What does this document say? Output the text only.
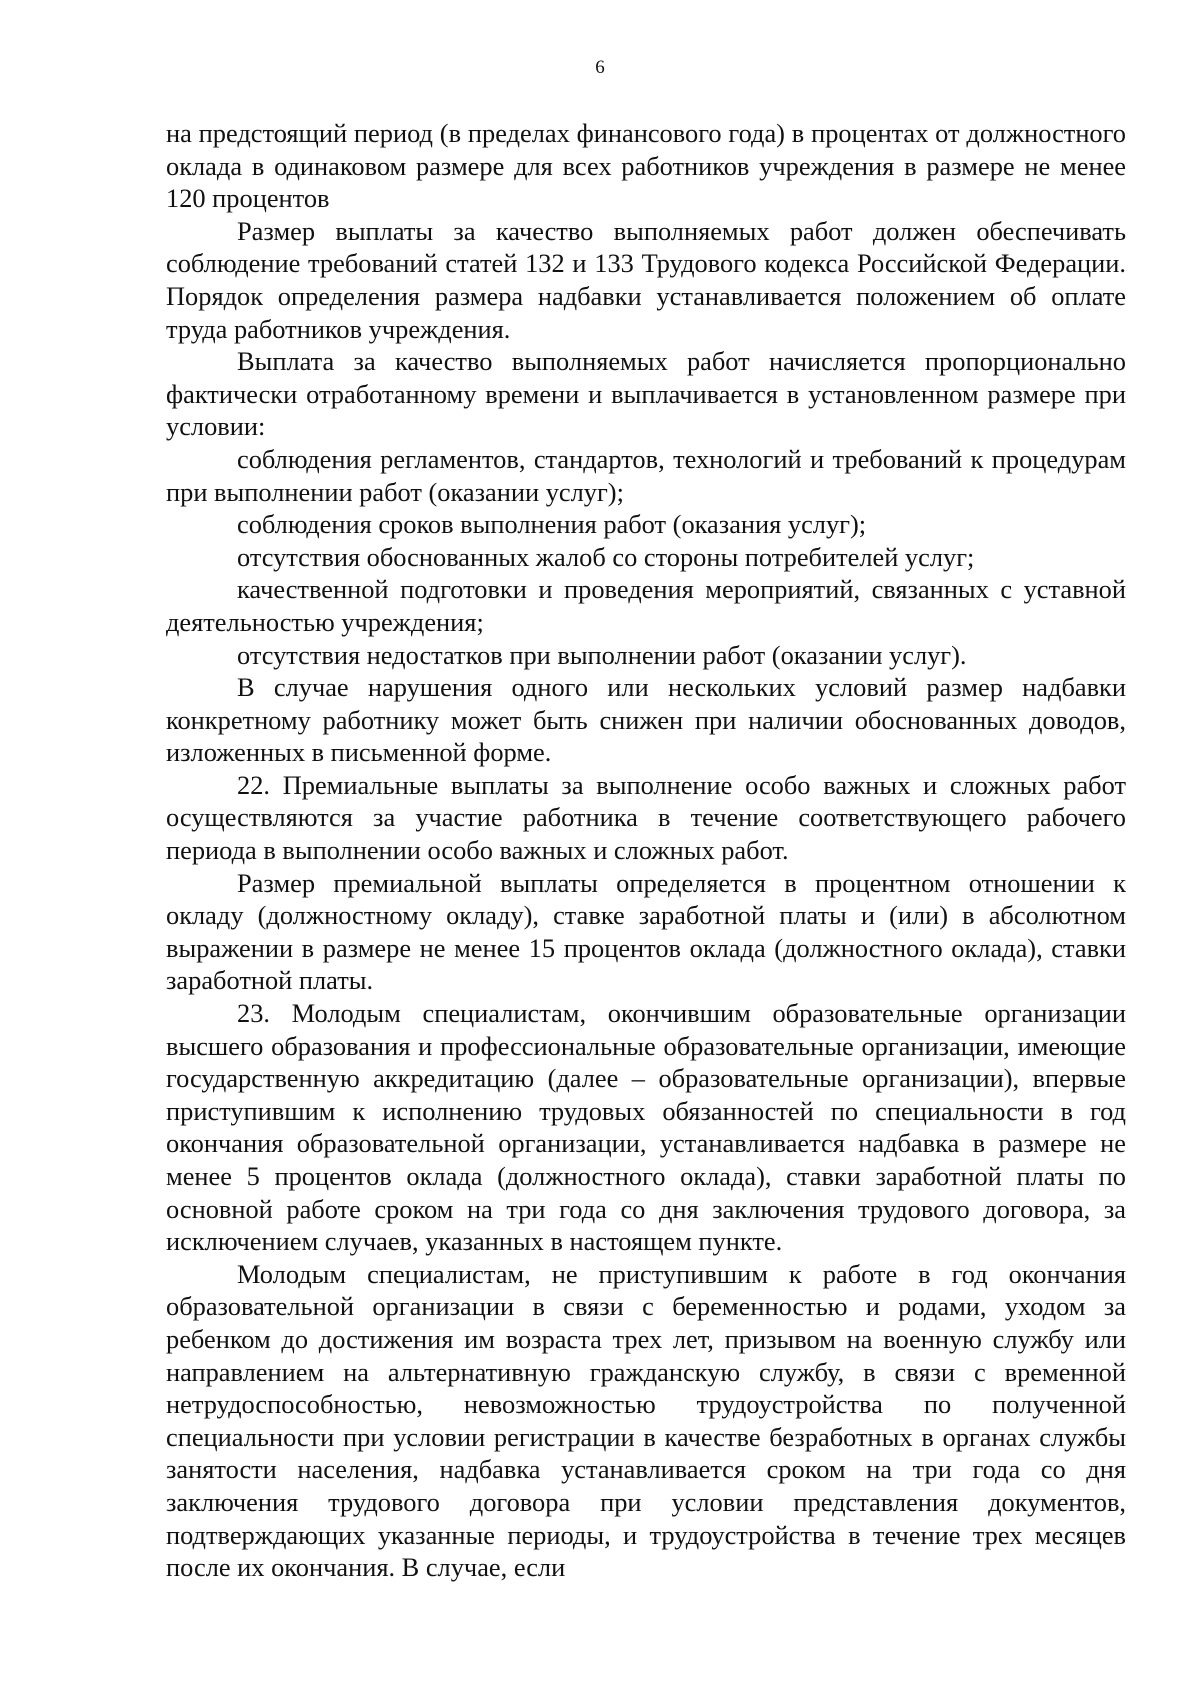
6

на предстоящий период (в пределах финансового года) в процентах от должностного оклада в одинаковом размере для всех работников учреждения в размере не менее 120 процентов

Размер выплаты за качество выполняемых работ должен обеспечивать соблюдение требований статей 132 и 133 Трудового кодекса Российской Федерации. Порядок определения размера надбавки устанавливается положением об оплате труда работников учреждения.

Выплата за качество выполняемых работ начисляется пропорционально фактически отработанному времени и выплачивается в установленном размере при условии:

соблюдения регламентов, стандартов, технологий и требований к процедурам при выполнении работ (оказании услуг);

соблюдения сроков выполнения работ (оказания услуг);

отсутствия обоснованных жалоб со стороны потребителей услуг;

качественной подготовки и проведения мероприятий, связанных с уставной деятельностью учреждения;

отсутствия недостатков при выполнении работ (оказании услуг).

В случае нарушения одного или нескольких условий размер надбавки конкретному работнику может быть снижен при наличии обоснованных доводов, изложенных в письменной форме.

22. Премиальные выплаты за выполнение особо важных и сложных работ осуществляются за участие работника в течение соответствующего рабочего периода в выполнении особо важных и сложных работ.

Размер премиальной выплаты определяется в процентном отношении к окладу (должностному окладу), ставке заработной платы и (или) в абсолютном выражении в размере не менее 15 процентов оклада (должностного оклада), ставки заработной платы.

23. Молодым специалистам, окончившим образовательные организации высшего образования и профессиональные образовательные организации, имеющие государственную аккредитацию (далее – образовательные организации), впервые приступившим к исполнению трудовых обязанностей по специальности в год окончания образовательной организации, устанавливается надбавка в размере не менее 5 процентов оклада (должностного оклада), ставки заработной платы по основной работе сроком на три года со дня заключения трудового договора, за исключением случаев, указанных в настоящем пункте.

Молодым специалистам, не приступившим к работе в год окончания образовательной организации в связи с беременностью и родами, уходом за ребенком до достижения им возраста трех лет, призывом на военную службу или направлением на альтернативную гражданскую службу, в связи с временной нетрудоспособностью, невозможностью трудоустройства по полученной специальности при условии регистрации в качестве безработных в органах службы занятости населения, надбавка устанавливается сроком на три года со дня заключения трудового договора при условии представления документов, подтверждающих указанные периоды, и трудоустройства в течение трех месяцев после их окончания. В случае, если
